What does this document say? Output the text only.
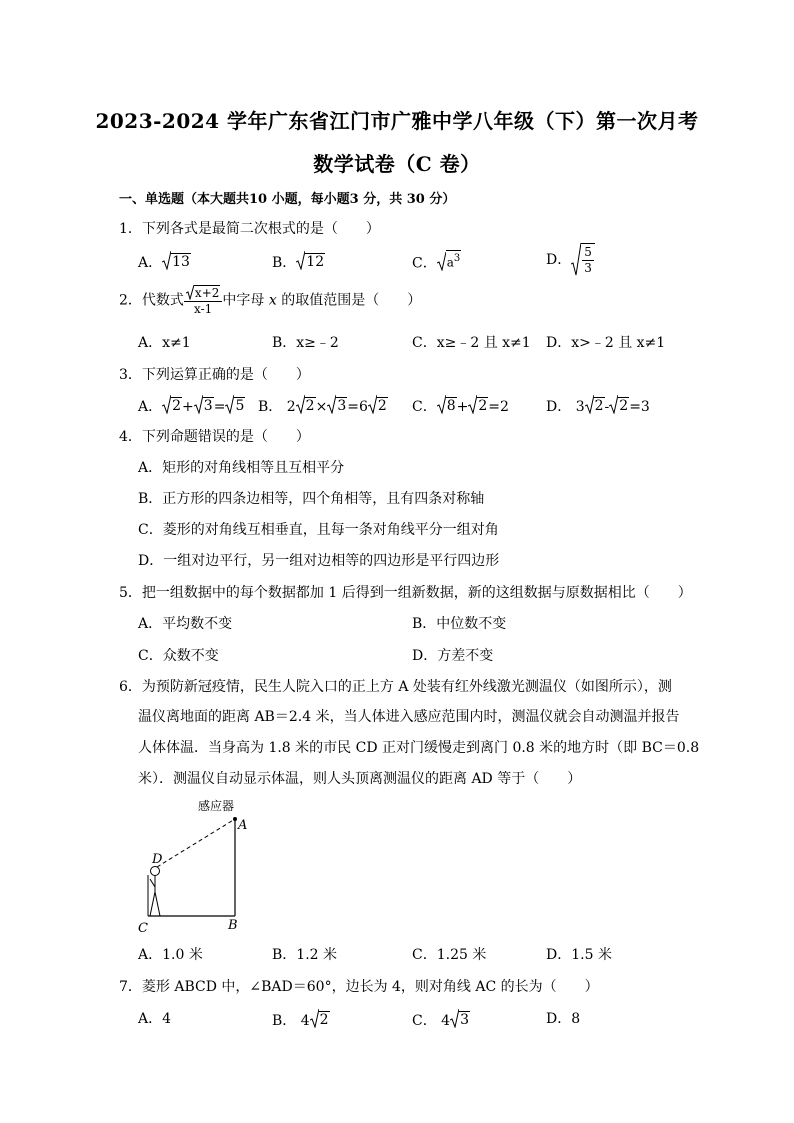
2023-2024 学年广东省江门市广雅中学八年级（下）第一次月考
数学试卷（C 卷）
一、单选题（本大题共10 小题，每小题3 分，共 30 分）
1．下列各式是最简二次根式的是（　　）
A． 13	B． 12	C． $a^3$	D． $\frac{5}{3}$
2．代数式 $\frac{x+2}{x-1}$ 中字母 x 的取值范围是（　　）
A．x≠1	B．x≥﹣2	C．x≥﹣2 且 x≠1 D．x>﹣2 且 x≠1
3．下列运算正确的是（　　）
A． 2 + 3 = 5 B． 2 2 × 3 =6 2 C． 8 + 2 =2	D． 3 2 - 2 =3
4．下列命题错误的是（　　）
A．矩形的对角线相等且互相平分
B．正方形的四条边相等，四个角相等，且有四条对称轴
C．菱形的对角线互相垂直，且每一条对角线平分一组对角
D．一组对边平行，另一组对边相等的四边形是平行四边形
5．把一组数据中的每个数据都加 1 后得到一组新数据，新的这组数据与原数据相比（　　）
A．平均数不变	B．中位数不变
C．众数不变	D．方差不变
6．为预防新冠疫情，民生人院入口的正上方 A 处装有红外线激光测温仪（如图所示），测
温仪离地面的距离 AB＝2.4 米，当人体进入感应范围内时，测温仪就会自动测温并报告
人体体温．当身高为 1.8 米的市民 CD 正对门缓慢走到离门 0.8 米的地方时（即 BC＝0.8
米）．测温仪自动显示体温，则人头顶离测温仪的距离 AD 等于（　　）
感应器
A
D
C	B
A．1.0 米	B．1.2 米	C．1.25 米	D．1.5 米
7．菱形 ABCD 中，∠BAD＝60°，边长为 4，则对角线 AC 的长为（　　）
A．4	B． 4 2	C． 4 3	D．8
